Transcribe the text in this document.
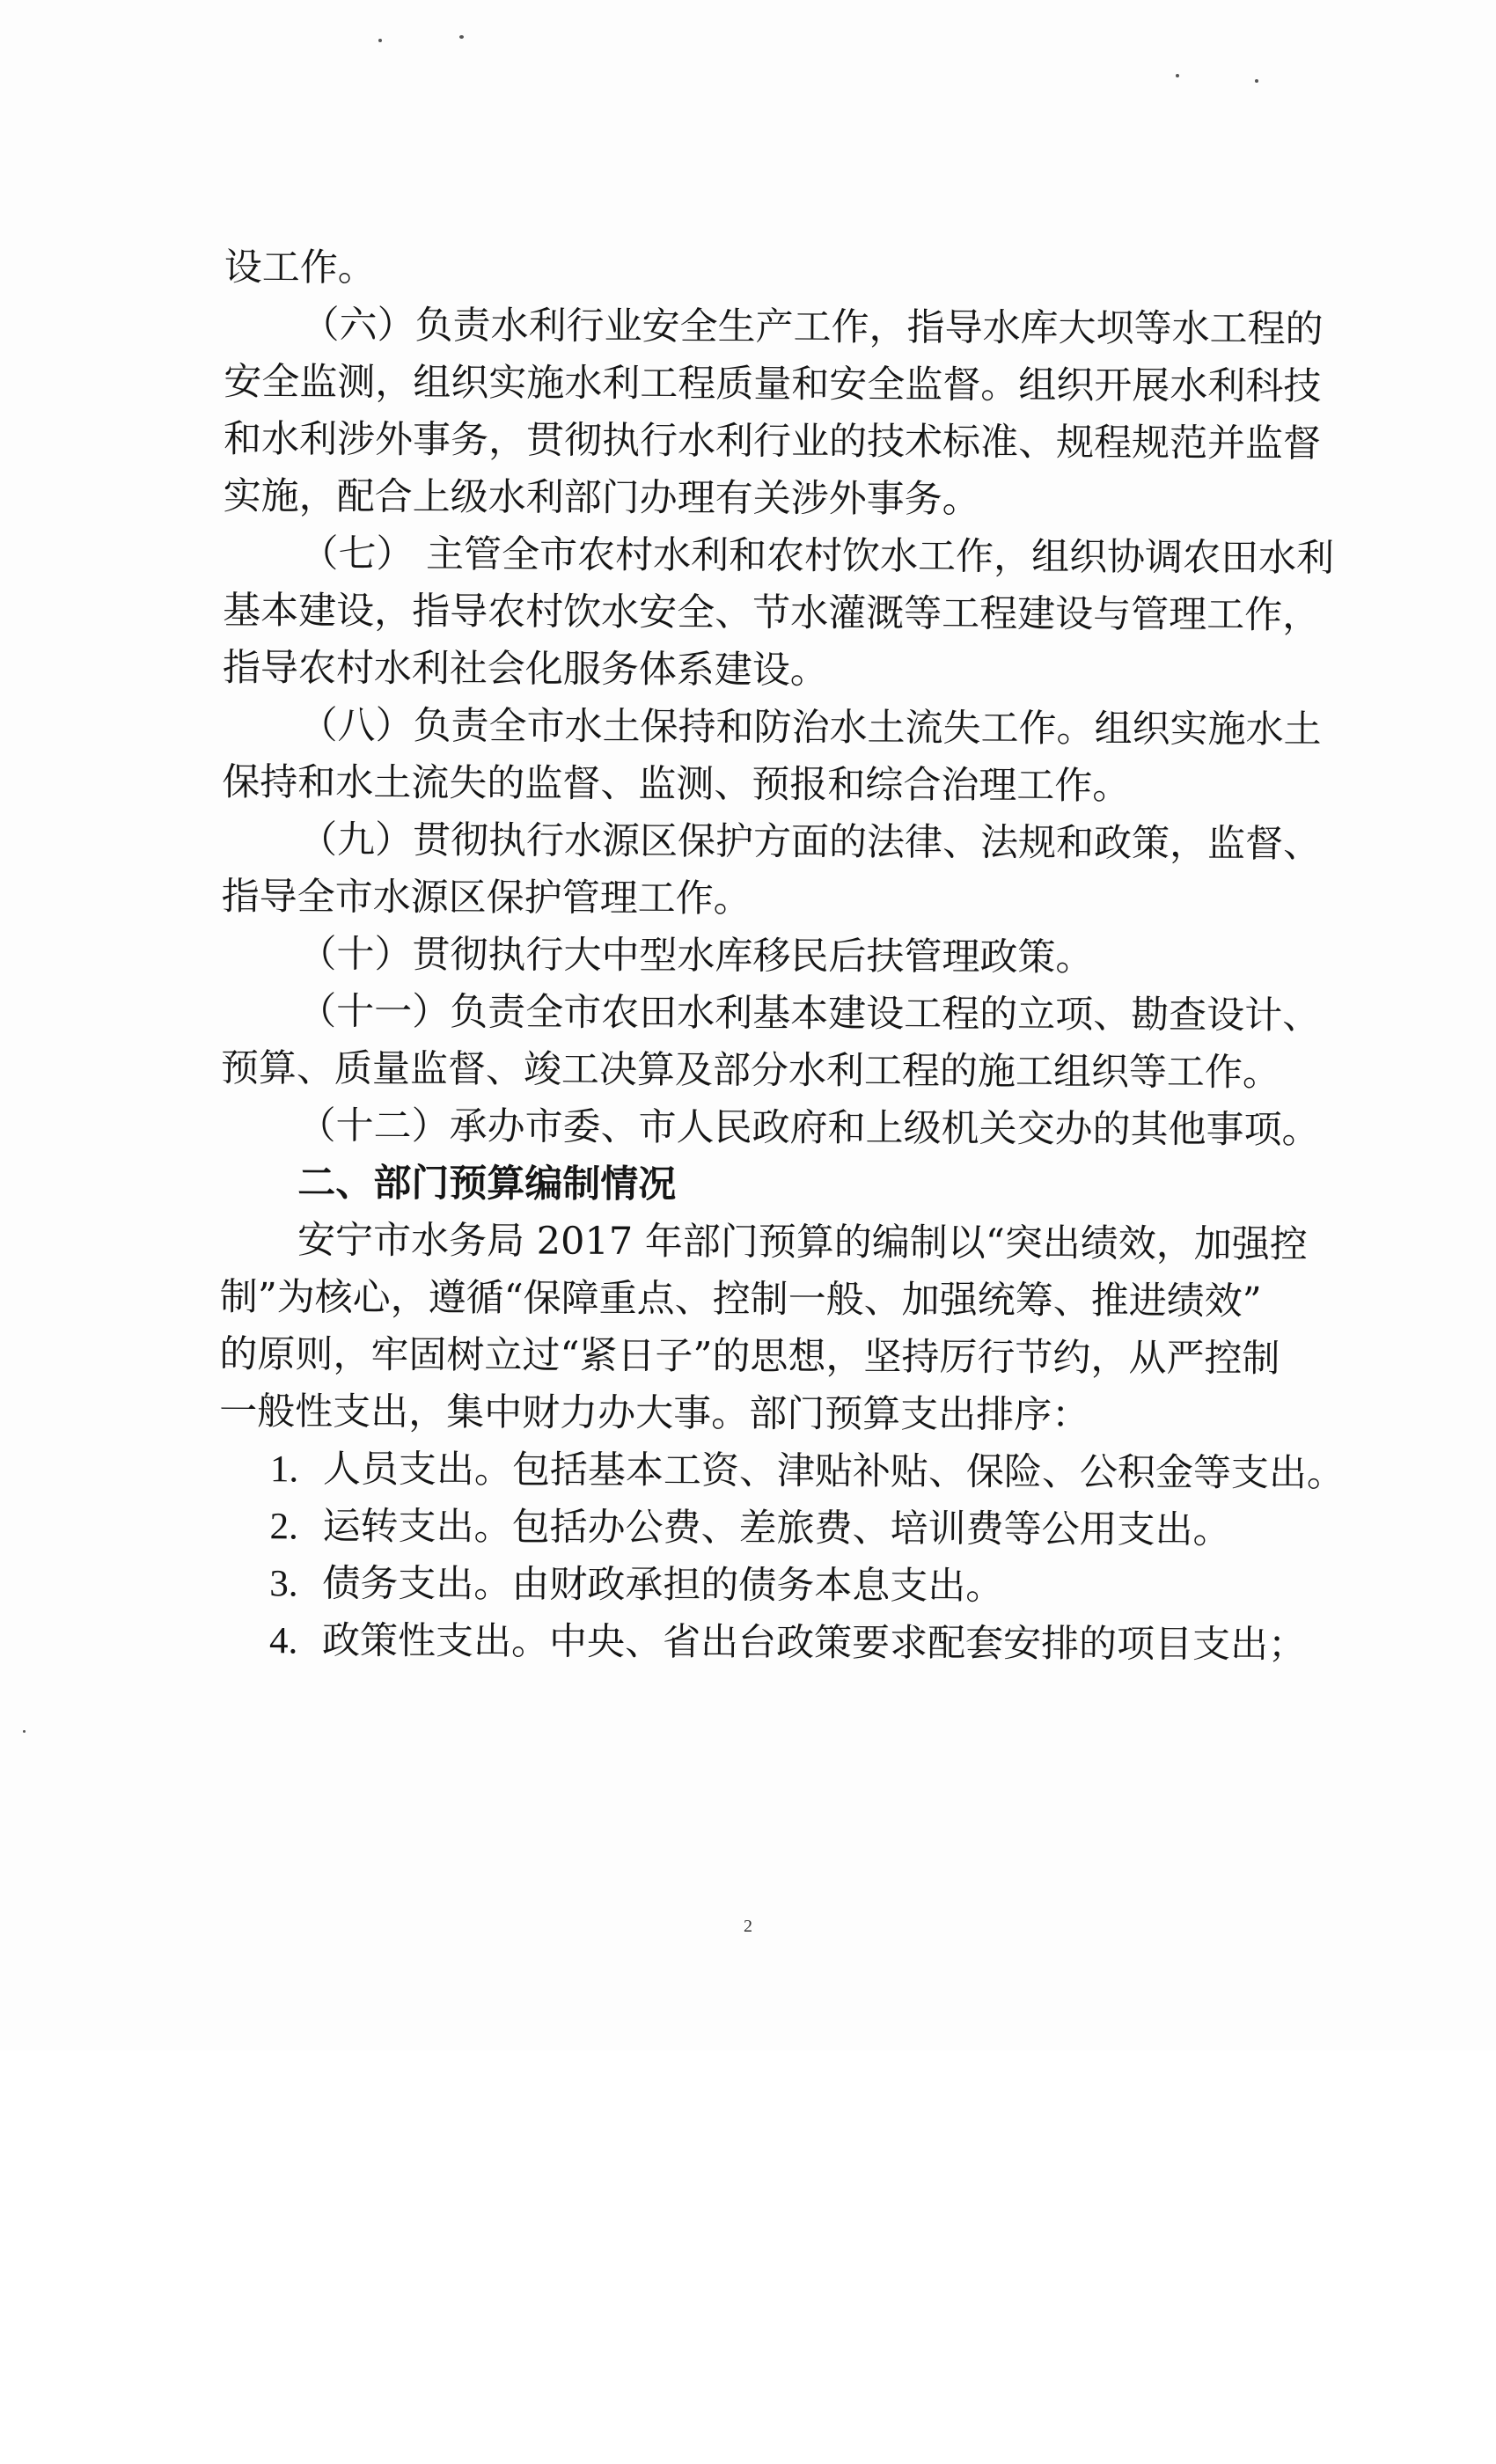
设工作。
（六）负责水利行业安全生产工作，指导水库大坝等水工程的
安全监测，组织实施水利工程质量和安全监督。组织开展水利科技
和水利涉外事务，贯彻执行水利行业的技术标准、规程规范并监督
实施，配合上级水利部门办理有关涉外事务。
（七） 主管全市农村水利和农村饮水工作，组织协调农田水利
基本建设，指导农村饮水安全、节水灌溉等工程建设与管理工作，
指导农村水利社会化服务体系建设。
（八）负责全市水土保持和防治水土流失工作。组织实施水土
保持和水土流失的监督、监测、预报和综合治理工作。
（九）贯彻执行水源区保护方面的法律、法规和政策，监督、
指导全市水源区保护管理工作。
（十）贯彻执行大中型水库移民后扶管理政策。
（十一）负责全市农田水利基本建设工程的立项、勘查设计、
预算、质量监督、竣工决算及部分水利工程的施工组织等工作。
（十二）承办市委、市人民政府和上级机关交办的其他事项。
二、部门预算编制情况
安宁市水务局 2017 年部门预算的编制以“突出绩效，加强控
制”为核心，遵循“保障重点、控制一般、加强统筹、推进绩效”
的原则，牢固树立过“紧日子”的思想，坚持厉行节约，从严控制
一般性支出，集中财力办大事。部门预算支出排序：
1. 人员支出。包括基本工资、津贴补贴、保险、公积金等支出。
2. 运转支出。包括办公费、差旅费、培训费等公用支出。
3. 债务支出。由财政承担的债务本息支出。
4. 政策性支出。中央、省出台政策要求配套安排的项目支出；
2
